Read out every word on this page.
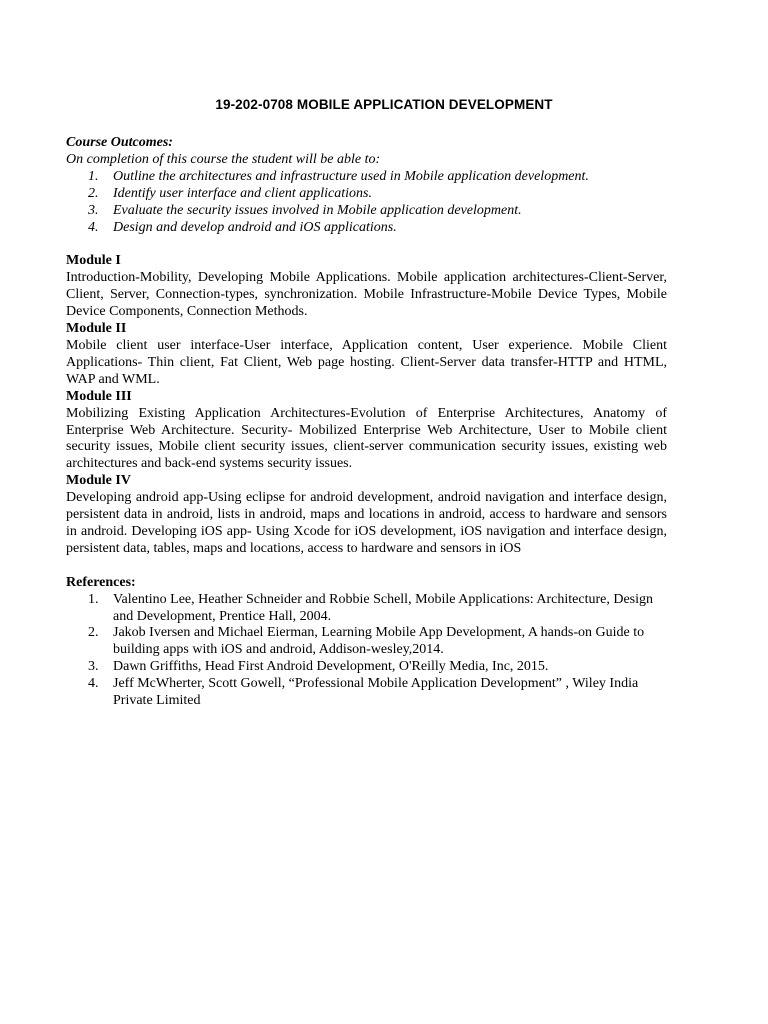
19-202-0708 MOBILE APPLICATION DEVELOPMENT

Course Outcomes:

On completion of this course the student will be able to:

1. Outline the architectures and infrastructure used in Mobile application development.
2. Identify user interface and client applications.
3. Evaluate the security issues involved in Mobile application development.
4. Design and develop android and iOS applications.

Module I

Introduction-Mobility, Developing Mobile Applications. Mobile application architectures-Client-Server, Client, Server, Connection-types, synchronization. Mobile Infrastructure-Mobile Device Types, Mobile Device Components, Connection Methods.

Module II

Mobile client user interface-User interface, Application content, User experience. Mobile Client Applications- Thin client, Fat Client, Web page hosting. Client-Server data transfer-HTTP and HTML, WAP and WML.

Module III

Mobilizing Existing Application Architectures-Evolution of Enterprise Architectures, Anatomy of Enterprise Web Architecture. Security- Mobilized Enterprise Web Architecture, User to Mobile client security issues, Mobile client security issues, client-server communication security issues, existing web architectures and back-end systems security issues.

Module IV

Developing android app-Using eclipse for android development, android navigation and interface design, persistent data in android, lists in android, maps and locations in android, access to hardware and sensors in android. Developing iOS app- Using Xcode for iOS development, iOS navigation and interface design, persistent data, tables, maps and locations, access to hardware and sensors in iOS

References:

1. Valentino Lee, Heather Schneider and Robbie Schell, Mobile Applications: Architecture, Design and Development, Prentice Hall, 2004.
2. Jakob Iversen and Michael Eierman, Learning Mobile App Development, A hands-on Guide to building apps with iOS and android, Addison-wesley,2014.
3. Dawn Griffiths, Head First Android Development, O'Reilly Media, Inc, 2015.
4. Jeff McWherter, Scott Gowell, “Professional Mobile Application Development” , Wiley India Private Limited
